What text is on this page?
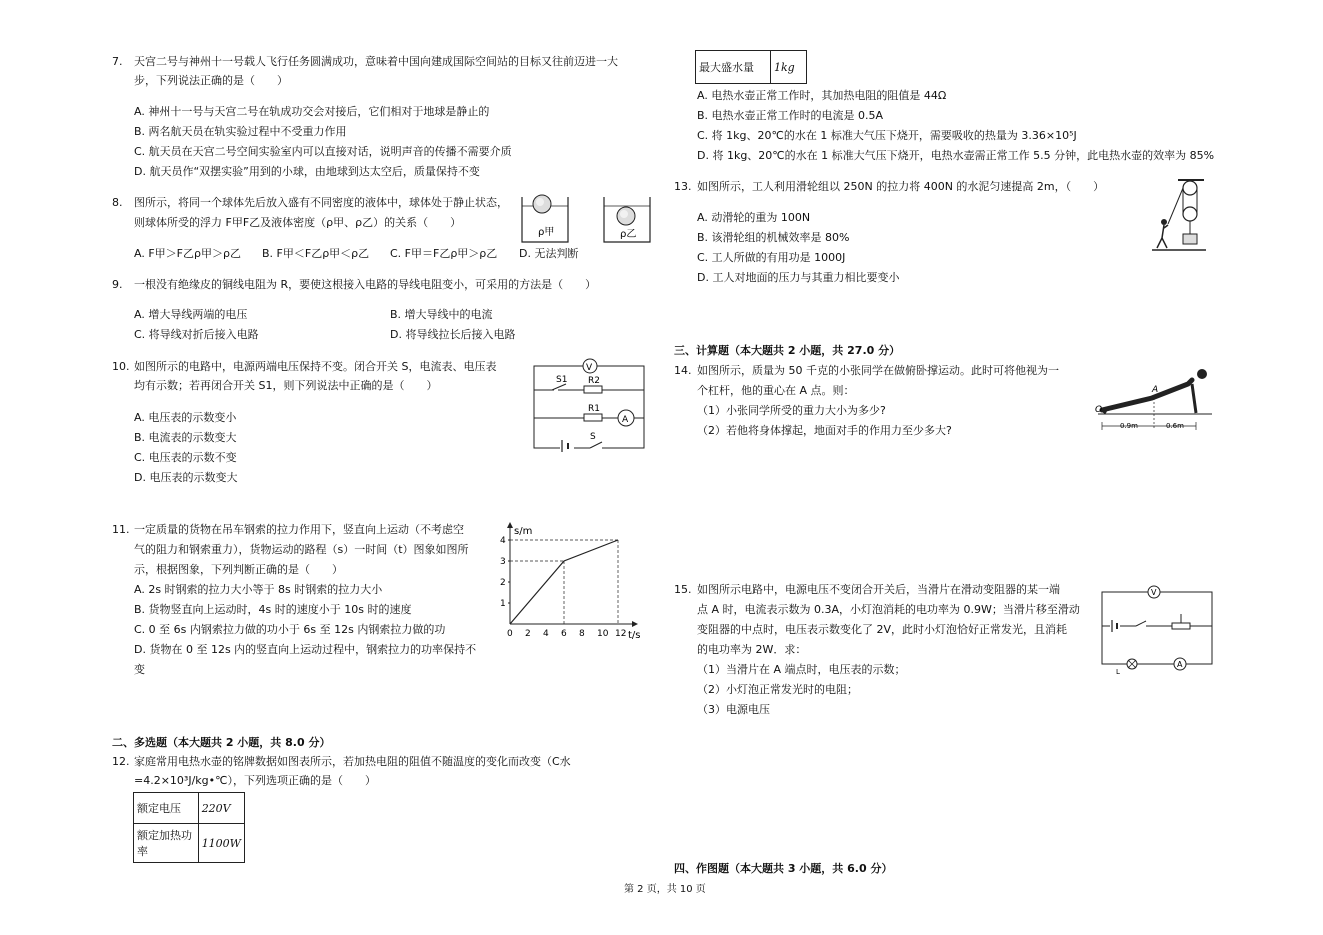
7. 天宫二号与神州十一号载人飞行任务圆满成功，意味着中国向建成国际空间站的目标又往前迈进一大
步，下列说法正确的是（　　）
A. 神州十一号与天宫二号在轨成功交会对接后，它们相对于地球是静止的
B. 两名航天员在轨实验过程中不受重力作用
C. 航天员在天宫二号空间实验室内可以直接对话，说明声音的传播不需要介质
D. 航天员作“双摆实验”用到的小球，由地球到达太空后，质量保持不变
8. 图所示，将同一个球体先后放入盛有不同密度的液体中，球体处于静止状态，
则球体所受的浮力 F甲F乙及液体密度（ρ甲、ρ乙）的关系（　　）
A. F甲＞F乙ρ甲＞ρ乙 B. F甲＜F乙ρ甲＜ρ乙 C. F甲＝F乙ρ甲＞ρ乙 D. 无法判断
ρ甲	ρ乙
9. 一根没有绝缘皮的铜线电阻为 R，要使这根接入电路的导线电阻变小，可采用的方法是（　　）
A. 增大导线两端的电压	B. 增大导线中的电流
C. 将导线对折后接入电路	D. 将导线拉长后接入电路
10. 如图所示的电路中，电源两端电压保持不变。闭合开关 S，电流表、电压表
均有示数；若再闭合开关 S1，则下列说法中正确的是（　　）
A. 电压表的示数变小
B. 电流表的示数变大
C. 电压表的示数不变
D. 电压表的示数变大
V
S1 R2
R1
A
S
11. 一定质量的货物在吊车钢索的拉力作用下，竖直向上运动（不考虑空
气的阻力和钢索重力），货物运动的路程（s）一时间（t）图象如图所
示，根据图象，下列判断正确的是（　　）
A. 2s 时钢索的拉力大小等于 8s 时钢索的拉力大小
B. 货物竖直向上运动时，4s 时的速度小于 10s 时的速度
C. 0 至 6s 内钢索拉力做的功小于 6s 至 12s 内钢索拉力做的功
D. 货物在 0 至 12s 内的竖直向上运动过程中，钢索拉力的功率保持不
变
t/s
s/m
0 2 4 6 8 10 12
1
2
3
4
二、多选题（本大题共 2 小题，共 8.0 分）
12. 家庭常用电热水壶的铭牌数据如图表所示，若加热电阻的阻值不随温度的变化而改变（C水
=4.2×10³J/kg•℃），下列选项正确的是（　　）
额定电压	220V
额定加热功率	1100W
最大盛水量	1kg
A. 电热水壶正常工作时，其加热电阻的阻值是 44Ω
B. 电热水壶正常工作时的电流是 0.5A
C. 将 1kg、20℃的水在 1 标准大气压下烧开，需要吸收的热量为 3.36×10⁵J
D. 将 1kg、20℃的水在 1 标准大气压下烧开，电热水壶需正常工作 5.5 分钟，此电热水壶的效率为 85%
13. 如图所示，工人利用滑轮组以 250N 的拉力将 400N 的水泥匀速提高 2m，（　　）
A. 动滑轮的重为 100N
B. 该滑轮组的机械效率是 80%
C. 工人所做的有用功是 1000J
D. 工人对地面的压力与其重力相比要变小
三、计算题（本大题共 2 小题，共 27.0 分）
14. 如图所示，质量为 50 千克的小张同学在做俯卧撑运动。此时可将他视为一
个杠杆，他的重心在 A 点。则：
（1）小张同学所受的重力大小为多少?
（2）若他将身体撑起，地面对手的作用力至少多大?
O
A
0.9m	0.6m
15. 如图所示电路中，电源电压不变闭合开关后，当滑片在滑动变阻器的某一端
点 A 时，电流表示数为 0.3A，小灯泡消耗的电功率为 0.9W；当滑片移至滑动
变阻器的中点时，电压表示数变化了 2V，此时小灯泡恰好正常发光，且消耗
的电功率为 2W．求：
（1）当滑片在 A 端点时，电压表的示数；
（2）小灯泡正常发光时的电阻；
（3）电源电压
V
L
A
四、作图题（本大题共 3 小题，共 6.0 分）
第 2 页，共 10 页
